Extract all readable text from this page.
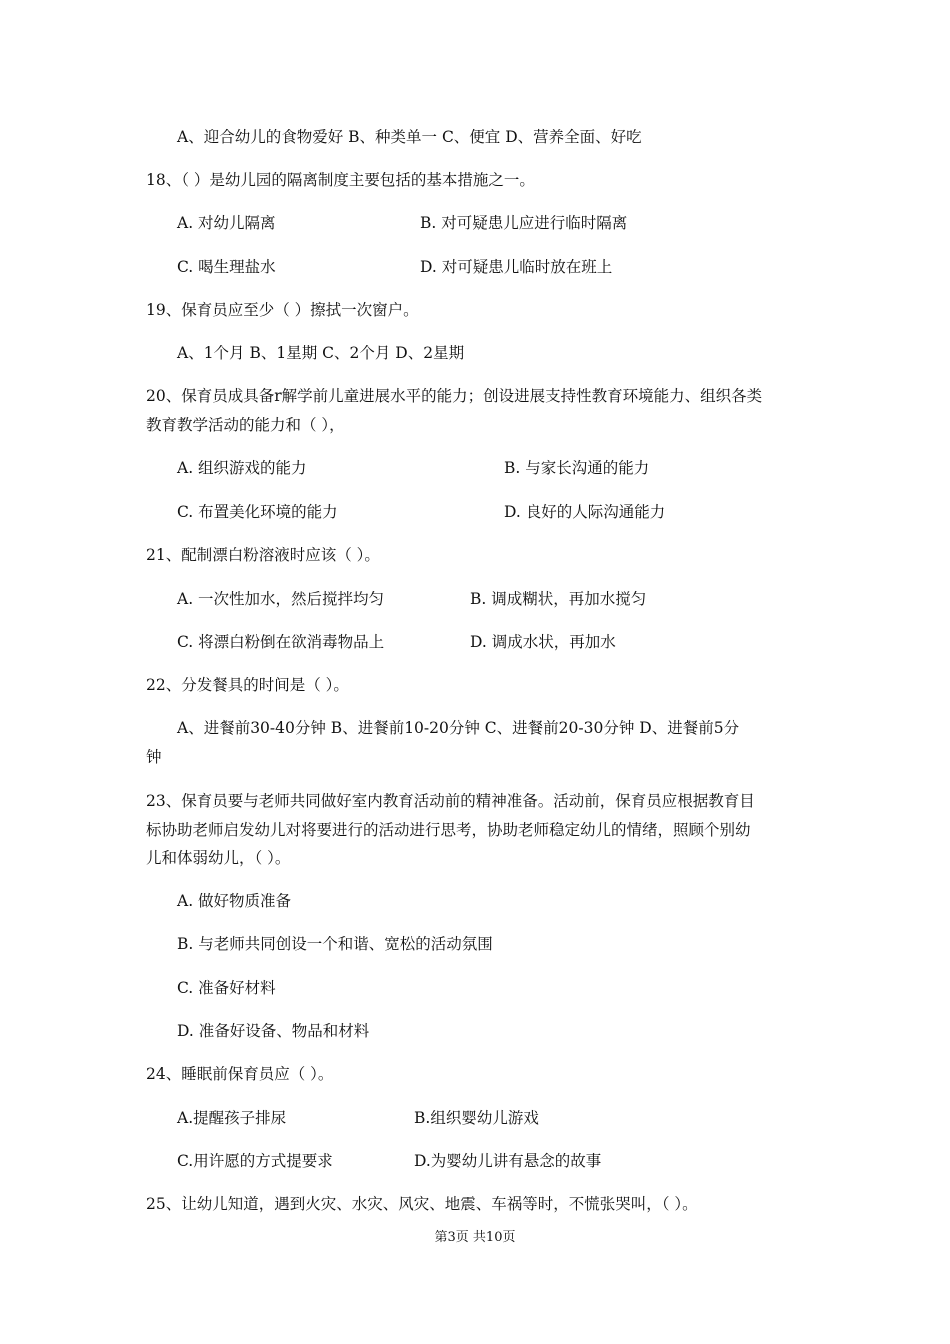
A、迎合幼儿的食物爱好 B、种类单一 C、便宜 D、营养全面、好吃
18、（ ）是幼儿园的隔离制度主要包括的基本措施之一。
A. 对幼儿隔离	B. 对可疑患儿应进行临时隔离
C. 喝生理盐水	D. 对可疑患儿临时放在班上
19、保育员应至少（ ）擦拭一次窗户。
A、1个月 B、1星期 C、2个月 D、2星期
20、保育员成具备r解学前儿童进展水平的能力；创设进展支持性教育环境能力、组织各类
教育教学活动的能力和（ ），
A. 组织游戏的能力	B. 与家长沟通的能力
C. 布置美化环境的能力	D. 良好的人际沟通能力
21、配制漂白粉溶液时应该（ ）。
A. 一次性加水，然后搅拌均匀	B. 调成糊状，再加水搅匀
C. 将漂白粉倒在欲消毒物品上	D. 调成水状，再加水
22、分发餐具的时间是（ ）。
A、进餐前30-40分钟 B、进餐前10-20分钟 C、进餐前20-30分钟 D、进餐前5分
钟
23、保育员要与老师共同做好室内教育活动前的精神准备。活动前，保育员应根据教育目
标协助老师启发幼儿对将要进行的活动进行思考，协助老师稳定幼儿的情绪，照顾个别幼
儿和体弱幼儿，（ ）。
A. 做好物质准备
B. 与老师共同创设一个和谐、宽松的活动氛围
C. 准备好材料
D. 准备好设备、物品和材料
24、睡眠前保育员应（ ）。
A.提醒孩子排尿	B.组织婴幼儿游戏
C.用许愿的方式提要求	D.为婴幼儿讲有悬念的故事
25、让幼儿知道，遇到火灾、水灾、风灾、地震、车祸等时，不慌张哭叫，（ ）。
第3页 共10页
